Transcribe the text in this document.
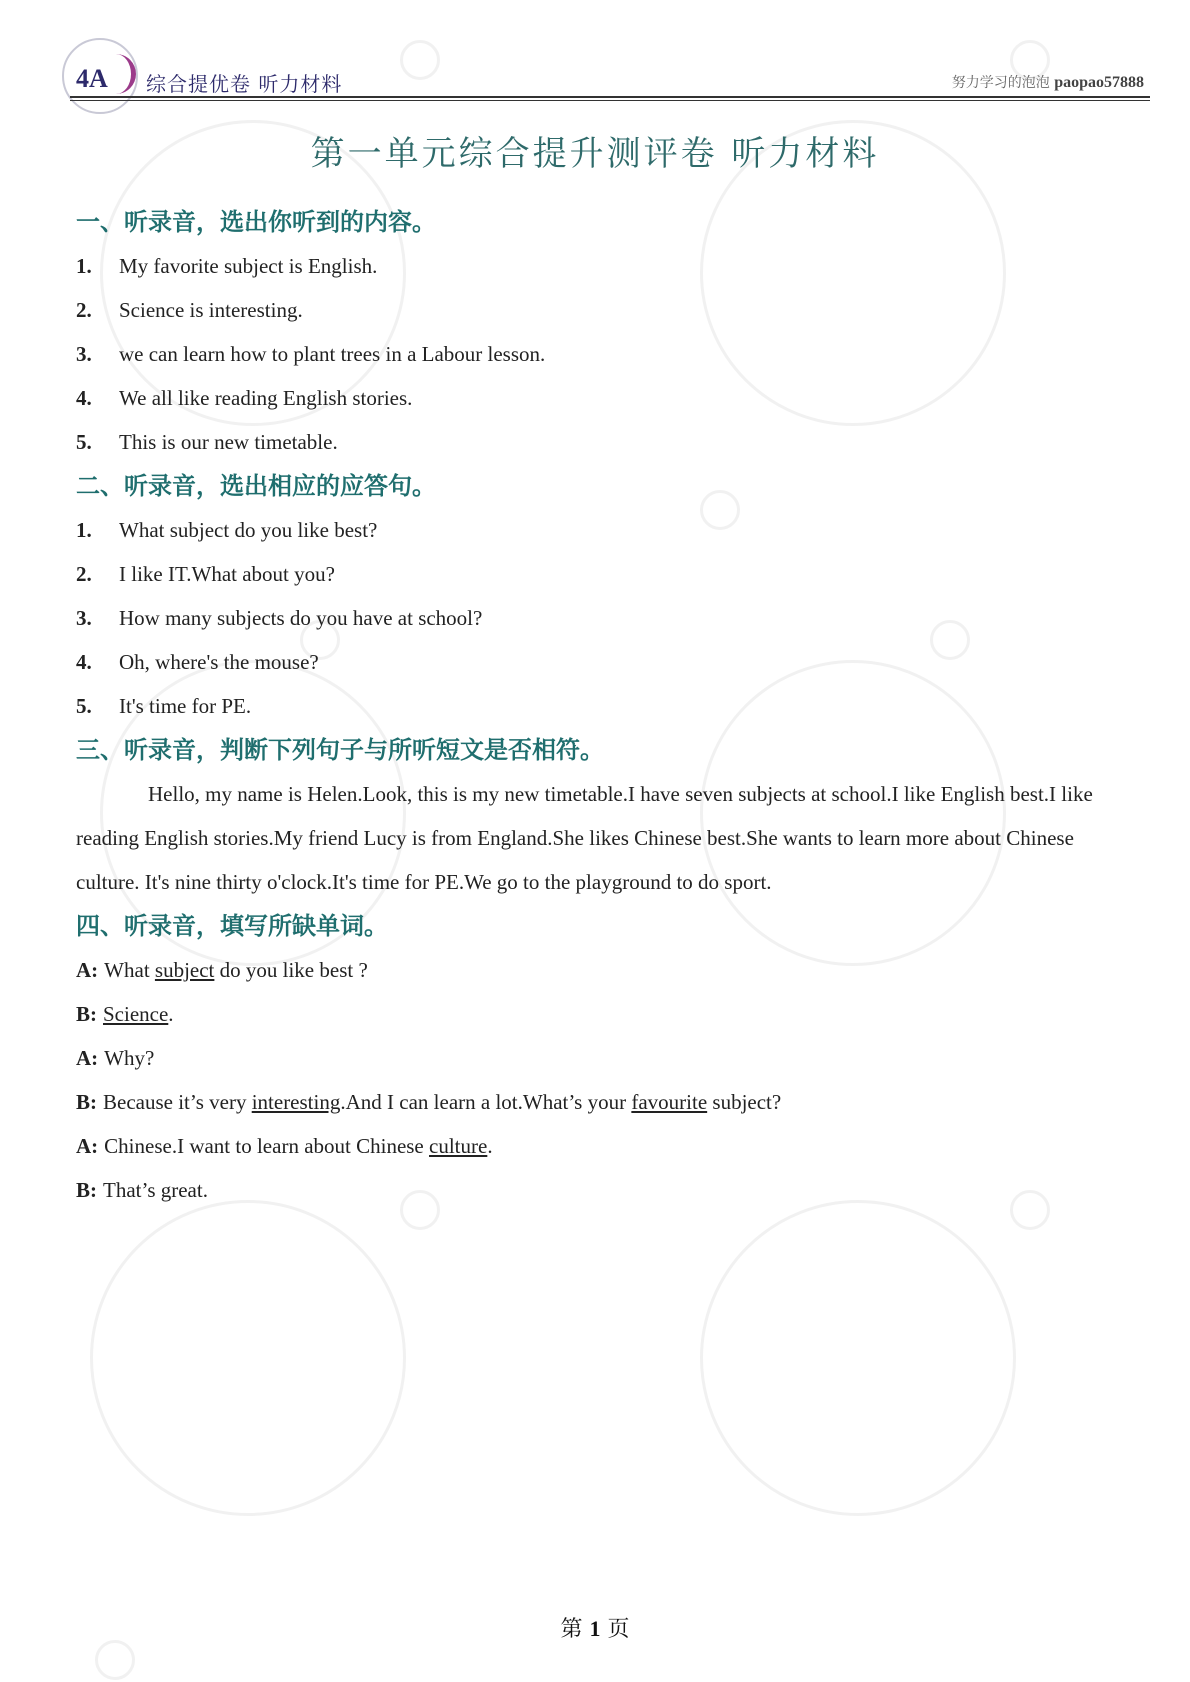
4A 综合提优卷 听力材料	努力学习的泡泡 paopao57888
第一单元综合提升测评卷 听力材料
一、听录音，选出你听到的内容。
1. My favorite subject is English.
2. Science is interesting.
3. we can learn how to plant trees in a Labour lesson.
4. We all like reading English stories.
5. This is our new timetable.
二、听录音，选出相应的应答句。
1. What subject do you like best?
2. I like IT.What about you?
3. How many subjects do you have at school?
4. Oh, where's the mouse?
5. It's time for PE.
三、听录音，判断下列句子与所听短文是否相符。

Hello, my name is Helen.Look, this is my new timetable.I have seven subjects at school.I like English best.I like reading English stories.My friend Lucy is from England.She likes Chinese best.She wants to learn more about Chinese culture. It's nine thirty o'clock.It's time for PE.We go to the playground to do sport.

四、听录音，填写所缺单词。
A: What subject do you like best ?
B: Science.
A: Why?
B: Because it’s very interesting.And I can learn a lot.What’s your favourite subject?
A: Chinese.I want to learn about Chinese culture.
B: That’s great.
第 1 页
